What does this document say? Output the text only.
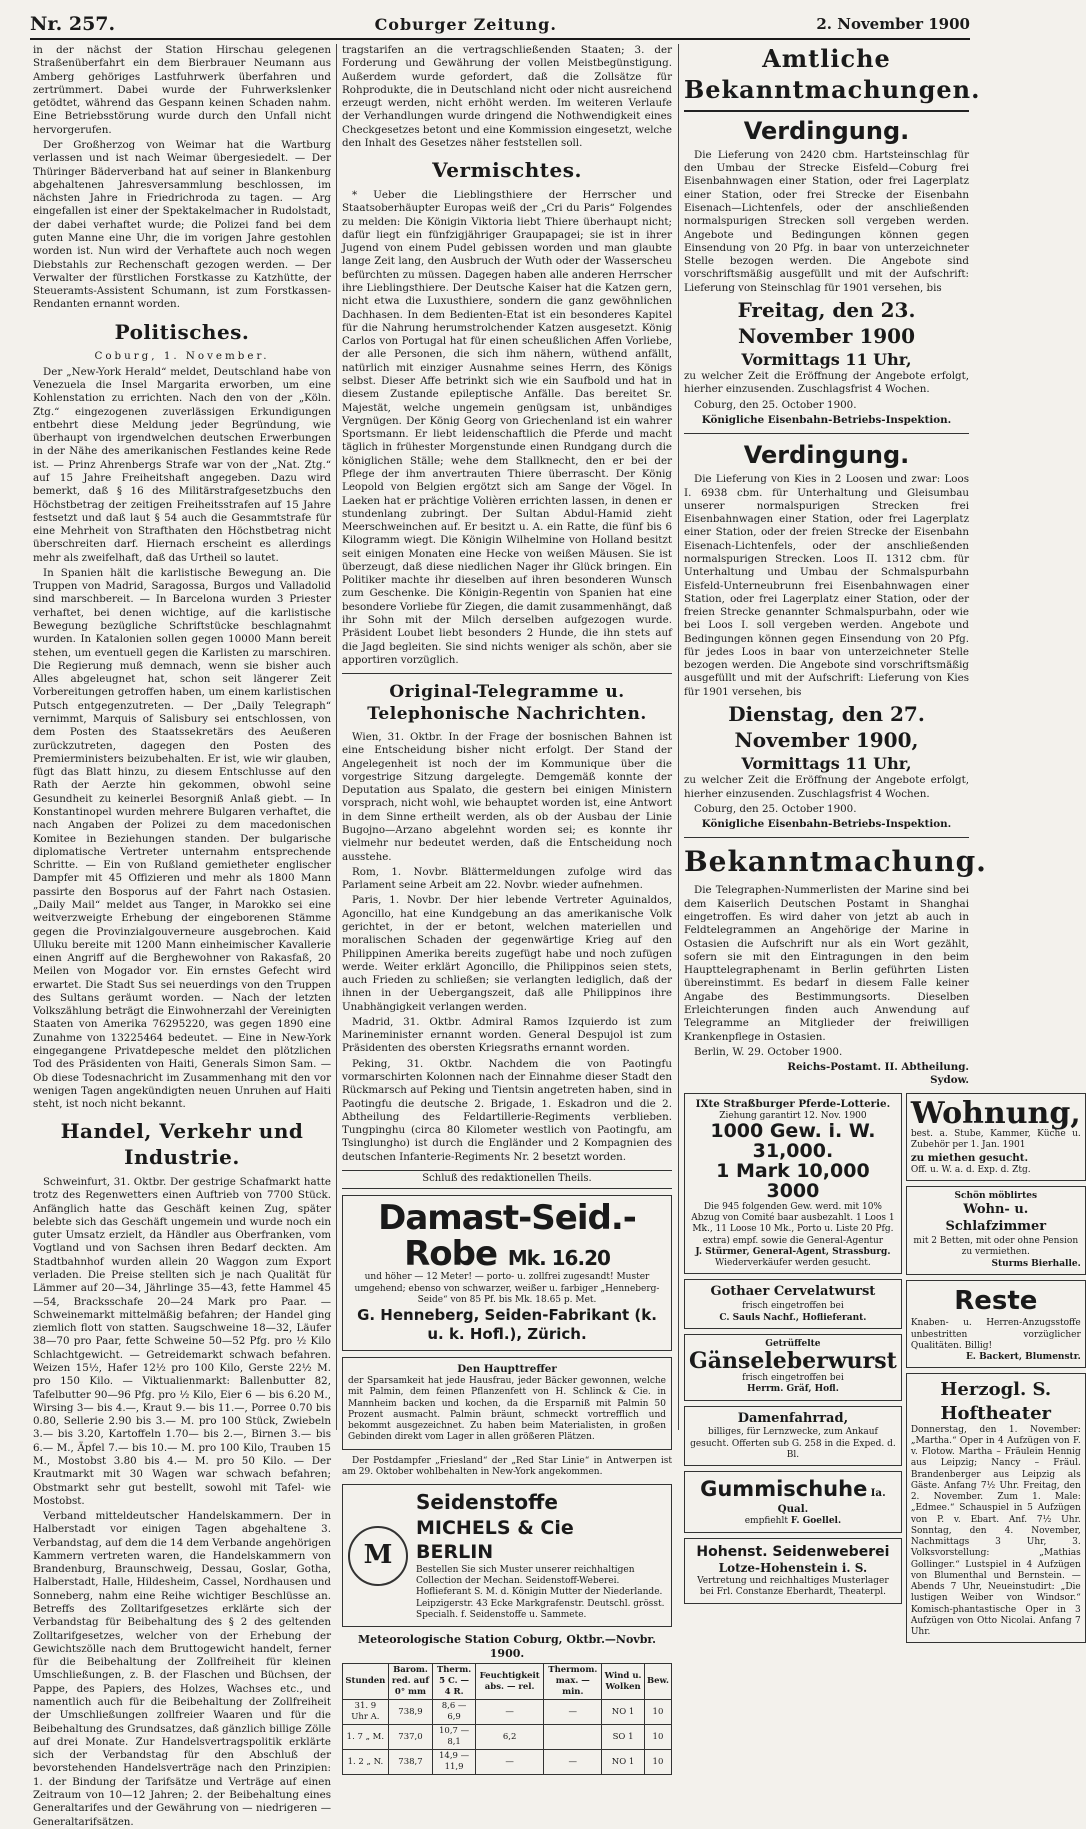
Nr. 257.	Coburger Zeitung.	2. November 1900

in der nächst der Station Hirschau gelegenen Straßenüberfahrt ein dem Bierbrauer Neumann aus Amberg gehöriges Lastfuhrwerk überfahren und zertrümmert. Dabei wurde der Fuhrwerkslenker getödtet, während das Gespann keinen Schaden nahm. Eine Betriebsstörung wurde durch den Unfall nicht hervorgerufen.

Der Großherzog von Weimar hat die Wartburg verlassen und ist nach Weimar übergesiedelt. — Der Thüringer Bäderverband hat auf seiner in Blankenburg abgehaltenen Jahresversammlung beschlossen, im nächsten Jahre in Friedrichroda zu tagen. — Arg eingefallen ist einer der Spektakelmacher in Rudolstadt, der dabei verhaftet wurde; die Polizei fand bei dem guten Manne eine Uhr, die im vorigen Jahre gestohlen worden ist. Nun wird der Verhaftete auch noch wegen Diebstahls zur Rechenschaft gezogen werden. — Der Verwalter der fürstlichen Forstkasse zu Katzhütte, der Steueramts-Assistent Schumann, ist zum Forstkassen-Rendanten ernannt worden.

Politisches.
Coburg, 1. November.

Der „New-York Herald“ meldet, Deutschland habe von Venezuela die Insel Margarita erworben, um eine Kohlenstation zu errichten. Nach den von der „Köln. Ztg.“ eingezogenen zuverlässigen Erkundigungen entbehrt diese Meldung jeder Begründung, wie überhaupt von irgendwelchen deutschen Erwerbungen in der Nähe des amerikanischen Festlandes keine Rede ist. — Prinz Ahrenbergs Strafe war von der „Nat. Ztg.“ auf 15 Jahre Freiheitshaft angegeben. Dazu wird bemerkt, daß § 16 des Militärstrafgesetzbuchs den Höchstbetrag der zeitigen Freiheitsstrafen auf 15 Jahre festsetzt und daß laut § 54 auch die Gesammtstrafe für eine Mehrheit von Strafthaten den Höchstbetrag nicht überschreiten darf. Hiernach erscheint es allerdings mehr als zweifelhaft, daß das Urtheil so lautet.

In Spanien hält die karlistische Bewegung an. Die Truppen von Madrid, Saragossa, Burgos und Valladolid sind marschbereit. — In Barcelona wurden 3 Priester verhaftet, bei denen wichtige, auf die karlistische Bewegung bezügliche Schriftstücke beschlagnahmt wurden. In Katalonien sollen gegen 10000 Mann bereit stehen, um eventuell gegen die Karlisten zu marschiren. Die Regierung muß demnach, wenn sie bisher auch Alles abgeleugnet hat, schon seit längerer Zeit Vorbereitungen getroffen haben, um einem karlistischen Putsch entgegenzutreten. — Der „Daily Telegraph“ vernimmt, Marquis of Salisbury sei entschlossen, von dem Posten des Staatssekretärs des Aeußeren zurückzutreten, dagegen den Posten des Premierministers beizubehalten. Er ist, wie wir glauben, fügt das Blatt hinzu, zu diesem Entschlusse auf den Rath der Aerzte hin gekommen, obwohl seine Gesundheit zu keinerlei Besorgniß Anlaß giebt. — In Konstantinopel wurden mehrere Bulgaren verhaftet, die nach Angaben der Polizei zu dem macedonischen Komitee in Beziehungen standen. Der bulgarische diplomatische Vertreter unternahm entsprechende Schritte. — Ein von Rußland gemietheter englischer Dampfer mit 45 Offizieren und mehr als 1800 Mann passirte den Bosporus auf der Fahrt nach Ostasien. „Daily Mail“ meldet aus Tanger, in Marokko sei eine weitverzweigte Erhebung der eingeborenen Stämme gegen die Provinzialgouverneure ausgebrochen. Kaid Ulluku bereite mit 1200 Mann einheimischer Kavallerie einen Angriff auf die Berghewohner von Rakasfaß, 20 Meilen von Mogador vor. Ein ernstes Gefecht wird erwartet. Die Stadt Sus sei neuerdings von den Truppen des Sultans geräumt worden. — Nach der letzten Volkszählung beträgt die Einwohnerzahl der Vereinigten Staaten von Amerika 76295220, was gegen 1890 eine Zunahme von 13225464 bedeutet. — Eine in New-York eingegangene Privatdepesche meldet den plötzlichen Tod des Präsidenten von Haiti, Generals Simon Sam. — Ob diese Todesnachricht im Zusammenhang mit den vor wenigen Tagen angekündigten neuen Unruhen auf Haiti steht, ist noch nicht bekannt.

Handel, Verkehr und Industrie.

Schweinfurt, 31. Oktbr. Der gestrige Schafmarkt hatte trotz des Regenwetters einen Auftrieb von 7700 Stück. Anfänglich hatte das Geschäft keinen Zug, später belebte sich das Geschäft ungemein und wurde noch ein guter Umsatz erzielt, da Händler aus Oberfranken, vom Vogtland und von Sachsen ihren Bedarf deckten. Am Stadtbahnhof wurden allein 20 Waggon zum Export verladen. Die Preise stellten sich je nach Qualität für Lämmer auf 20—34, Jährlinge 35—43, fette Hammel 45—54, Bracksschafe 20—24 Mark pro Paar. — Schweinemarkt mittelmäßig befahren; der Handel ging ziemlich flott von statten. Saugschweine 18—32, Läufer 38—70 pro Paar, fette Schweine 50—52 Pfg. pro ½ Kilo Schlachtgewicht. — Getreidemarkt schwach befahren. Weizen 15½, Hafer 12½ pro 100 Kilo, Gerste 22½ M. pro 150 Kilo. — Viktualienmarkt: Ballenbutter 82, Tafelbutter 90—96 Pfg. pro ½ Kilo, Eier 6 — bis 6.20 M., Wirsing 3— bis 4.—, Kraut 9.— bis 11.—, Porree 0.70 bis 0.80, Sellerie 2.90 bis 3.— M. pro 100 Stück, Zwiebeln 3.— bis 3.20, Kartoffeln 1.70— bis 2.—, Birnen 3.— bis 6.— M., Äpfel 7.— bis 10.— M. pro 100 Kilo, Trauben 15 M., Mostobst 3.80 bis 4.— M. pro 50 Kilo. — Der Krautmarkt mit 30 Wagen war schwach befahren; Obstmarkt sehr gut bestellt, sowohl mit Tafel- wie Mostobst.

Verband mitteldeutscher Handelskammern. Der in Halberstadt vor einigen Tagen abgehaltene 3. Verbandstag, auf dem die 14 dem Verbande angehörigen Kammern vertreten waren, die Handelskammern von Brandenburg, Braunschweig, Dessau, Goslar, Gotha, Halberstadt, Halle, Hildesheim, Cassel, Nordhausen und Sonneberg, nahm eine Reihe wichtiger Beschlüsse an. Betreffs des Zolltarifgesetzes erklärte sich der Verbandstag für Beibehaltung des § 2 des geltenden Zolltarifgesetzes, welcher von der Erhebung der Gewichtszölle nach dem Bruttogewicht handelt, ferner für die Beibehaltung der Zollfreiheit für kleinen Umschließungen, z. B. der Flaschen und Büchsen, der Pappe, des Papiers, des Holzes, Wachses etc., und namentlich auch für die Beibehaltung der Zollfreiheit der Umschließungen zollfreier Waaren und für die Beibehaltung des Grundsatzes, daß gänzlich billige Zölle auf drei Monate. Zur Handelsvertragspolitik erklärte sich der Verbandstag für den Abschluß der bevorstehenden Handelsverträge nach den Prinzipien: 1. der Bindung der Tarifsätze und Verträge auf einen Zeitraum von 10—12 Jahren; 2. der Beibehaltung eines Generaltarifes und der Gewährung von — niedrigeren — Generaltarifsätzen.

tragstarifen an die vertragschließenden Staaten; 3. der Forderung und Gewährung der vollen Meistbegünstigung. Außerdem wurde gefordert, daß die Zollsätze für Rohprodukte, die in Deutschland nicht oder nicht ausreichend erzeugt werden, nicht erhöht werden. Im weiteren Verlaufe der Verhandlungen wurde dringend die Nothwendigkeit eines Checkgesetzes betont und eine Kommission eingesetzt, welche den Inhalt des Gesetzes näher feststellen soll.

Vermischtes.

* Ueber die Lieblingsthiere der Herrscher und Staatsoberhäupter Europas weiß der „Cri du Paris“ Folgendes zu melden: Die Königin Viktoria liebt Thiere überhaupt nicht; dafür liegt ein fünfzigjähriger Graupapagei; sie ist in ihrer Jugend von einem Pudel gebissen worden und man glaubte lange Zeit lang, den Ausbruch der Wuth oder der Wasserscheu befürchten zu müssen. Dagegen haben alle anderen Herrscher ihre Lieblingsthiere. Der Deutsche Kaiser hat die Katzen gern, nicht etwa die Luxusthiere, sondern die ganz gewöhnlichen Dachhasen. In dem Bedienten-Etat ist ein besonderes Kapitel für die Nahrung herumstrolchender Katzen ausgesetzt. König Carlos von Portugal hat für einen scheußlichen Affen Vorliebe, der alle Personen, die sich ihm nähern, wüthend anfällt, natürlich mit einziger Ausnahme seines Herrn, des Königs selbst. Dieser Affe betrinkt sich wie ein Saufbold und hat in diesem Zustande epileptische Anfälle. Das bereitet Sr. Majestät, welche ungemein genügsam ist, unbändiges Vergnügen. Der König Georg von Griechenland ist ein wahrer Sportsmann. Er liebt leidenschaftlich die Pferde und macht täglich in frühester Morgenstunde einen Rundgang durch die königlichen Ställe; wehe dem Stallknecht, den er bei der Pflege der ihm anvertrauten Thiere überrascht. Der König Leopold von Belgien ergötzt sich am Sange der Vögel. In Laeken hat er prächtige Volièren errichten lassen, in denen er stundenlang zubringt. Der Sultan Abdul-Hamid zieht Meerschweinchen auf. Er besitzt u. A. ein Ratte, die fünf bis 6 Kilogramm wiegt. Die Königin Wilhelmine von Holland besitzt seit einigen Monaten eine Hecke von weißen Mäusen. Sie ist überzeugt, daß diese niedlichen Nager ihr Glück bringen. Ein Politiker machte ihr dieselben auf ihren besonderen Wunsch zum Geschenke. Die Königin-Regentin von Spanien hat eine besondere Vorliebe für Ziegen, die damit zusammenhängt, daß ihr Sohn mit der Milch derselben aufgezogen wurde. Präsident Loubet liebt besonders 2 Hunde, die ihn stets auf die Jagd begleiten. Sie sind nichts weniger als schön, aber sie apportiren vorzüglich.

Original-Telegramme u. Telephonische Nachrichten.

Wien, 31. Oktbr. In der Frage der bosnischen Bahnen ist eine Entscheidung bisher nicht erfolgt. Der Stand der Angelegenheit ist noch der im Kommunique über die vorgestrige Sitzung dargelegte. Demgemäß konnte der Deputation aus Spalato, die gestern bei einigen Ministern vorsprach, nicht wohl, wie behauptet worden ist, eine Antwort in dem Sinne ertheilt werden, als ob der Ausbau der Linie Bugojno—Arzano abgelehnt worden sei; es konnte ihr vielmehr nur bedeutet werden, daß die Entscheidung noch ausstehe.

Rom, 1. Novbr. Blättermeldungen zufolge wird das Parlament seine Arbeit am 22. Novbr. wieder aufnehmen.

Paris, 1. Novbr. Der hier lebende Vertreter Aguinaldos, Agoncillo, hat eine Kundgebung an das amerikanische Volk gerichtet, in der er betont, welchen materiellen und moralischen Schaden der gegenwärtige Krieg auf den Philippinen Amerika bereits zugefügt habe und noch zufügen werde. Weiter erklärt Agoncillo, die Philippinos seien stets, auch Frieden zu schließen; sie verlangten lediglich, daß der ihnen in der Uebergangszeit, daß alle Philippinos ihre Unabhängigkeit verlangen werden.

Madrid, 31. Oktbr. Admiral Ramos Izquierdo ist zum Marineminister ernannt worden. General Despujol ist zum Präsidenten des obersten Kriegsraths ernannt worden.

Peking, 31. Oktbr. Nachdem die von Paotingfu vormarschirten Kolonnen nach der Einnahme dieser Stadt den Rückmarsch auf Peking und Tientsin angetreten haben, sind in Paotingfu die deutsche 2. Brigade, 1. Eskadron und die 2. Abtheilung des Feldartillerie-Regiments verblieben. Tungpinghu (circa 80 Kilometer westlich von Paotingfu, am Tsinglungho) ist durch die Engländer und 2 Kompagnien des deutschen Infanterie-Regiments Nr. 2 besetzt worden.

Schluß des redaktionellen Theils.
Damast-Seid.-Robe Mk. 16.20
und höher — 12 Meter! — porto- u. zollfrei zugesandt! Muster umgehend; ebenso von schwarzer, weißer u. farbiger „Henneberg-Seide“ von 85 Pf. bis Mk. 18.65 p. Met.
G. Henneberg, Seiden-Fabrikant (k. u. k. Hofl.), Zürich.
Den Haupttreffer
der Sparsamkeit hat jede Hausfrau, jeder Bäcker gewonnen, welche mit Palmin, dem feinen Pflanzenfett von H. Schlinck & Cie. in Mannheim backen und kochen, da die Ersparniß mit Palmin 50 Prozent ausmacht. Palmin bräunt, schmeckt vortrefflich und bekommt ausgezeichnet. Zu haben beim Materialisten, in großen Gebinden direkt vom Lager in allen größeren Plätzen.

Der Postdampfer „Friesland“ der „Red Star Linie“ in Antwerpen ist am 29. Oktober wohlbehalten in New-York angekommen.

M
Seidenstoffe
MICHELS & Cie
BERLIN
Bestellen Sie sich Muster unserer reichhaltigen Collection der Mechan. Seidenstoff-Weberei. Hoflieferant S. M. d. Königin Mutter der Niederlande. Leipzigerstr. 43 Ecke Markgrafenstr. Deutschl. grösst. Specialh. f. Seidenstoffe u. Sammete.
Meteorologische Station Coburg, Oktbr.—Novbr. 1900.
Stunden	Barom. red. auf 0° mm	Therm. 5 C. — 4 R.	Feuchtigkeit abs. — rel.	Thermom. max. — min.	Wind u. Wolken	Bew.
31. 9 Uhr A.	738,9	8,6 — 6,9	—	—	NO 1	10
1. 7 „ M.	737,0	10,7 — 8,1	6,2		SO 1	10
1. 2 „ N.	738,7	14,9 — 11,9	—	—	NO 1	10
Amtliche Bekanntmachungen.
Verdingung.

Die Lieferung von 2420 cbm. Hartsteinschlag für den Umbau der Strecke Eisfeld—Coburg frei Eisenbahnwagen einer Station, oder frei Lagerplatz einer Station, oder frei Strecke der Eisenbahn Eisenach—Lichtenfels, oder der anschließenden normalspurigen Strecken soll vergeben werden. Angebote und Bedingungen können gegen Einsendung von 20 Pfg. in baar von unterzeichneter Stelle bezogen werden. Die Angebote sind vorschriftsmäßig ausgefüllt und mit der Aufschrift: Lieferung von Steinschlag für 1901 versehen, bis

Freitag, den 23. November 1900
Vormittags 11 Uhr,

zu welcher Zeit die Eröffnung der Angebote erfolgt, hierher einzusenden. Zuschlagsfrist 4 Wochen.

Coburg, den 25. October 1900.

Königliche Eisenbahn-Betriebs-Inspektion.
Verdingung.

Die Lieferung von Kies in 2 Loosen und zwar: Loos I. 6938 cbm. für Unterhaltung und Gleisumbau unserer normalspurigen Strecken frei Eisenbahnwagen einer Station, oder frei Lagerplatz einer Station, oder der freien Strecke der Eisenbahn Eisenach-Lichtenfels, oder der anschließenden normalspurigen Strecken. Loos II. 1312 cbm. für Unterhaltung und Umbau der Schmalspurbahn Eisfeld-Unterneubrunn frei Eisenbahnwagen einer Station, oder frei Lagerplatz einer Station, oder der freien Strecke genannter Schmalspurbahn, oder wie bei Loos I. soll vergeben werden. Angebote und Bedingungen können gegen Einsendung von 20 Pfg. für jedes Loos in baar von unterzeichneter Stelle bezogen werden. Die Angebote sind vorschriftsmäßig ausgefüllt und mit der Aufschrift: Lieferung von Kies für 1901 versehen, bis

Dienstag, den 27. November 1900,
Vormittags 11 Uhr,

zu welcher Zeit die Eröffnung der Angebote erfolgt, hierher einzusenden. Zuschlagsfrist 4 Wochen.

Coburg, den 25. October 1900.

Königliche Eisenbahn-Betriebs-Inspektion.
Bekanntmachung.

Die Telegraphen-Nummerlisten der Marine sind bei dem Kaiserlich Deutschen Postamt in Shanghai eingetroffen. Es wird daher von jetzt ab auch in Feldtelegrammen an Angehörige der Marine in Ostasien die Aufschrift nur als ein Wort gezählt, sofern sie mit den Eintragungen in den beim Haupttelegraphenamt in Berlin geführten Listen übereinstimmt. Es bedarf in diesem Falle keiner Angabe des Bestimmungsorts. Dieselben Erleichterungen finden auch Anwendung auf Telegramme an Mitglieder der freiwilligen Krankenpflege in Ostasien.

Berlin, W. 29. October 1900.

Reichs-Postamt. II. Abtheilung.
Sydow.
IXte Straßburger Pferde-Lotterie.
Ziehung garantirt 12. Nov. 1900
1000 Gew. i. W. 31,000.
1 Mark 10,000 3000
Die 945 folgenden Gew. werd. mit 10% Abzug von Comité baar ausbezahlt. 1 Loos 1 Mk., 11 Loose 10 Mk., Porto u. Liste 20 Pfg. extra) empf. sowie die General-Agentur
J. Stürmer, General-Agent, Strassburg.
Wiederverkäufer werden gesucht.
Gothaer Cervelatwurst
frisch eingetroffen bei
C. Sauls Nachf., Hoflieferant.
Getrüffelte
Gänseleberwurst
frisch eingetroffen bei
Herrm. Gräf, Hofl.
Damenfahrrad,
billiges, für Lernzwecke, zum Ankauf gesucht. Offerten sub G. 258 in die Exped. d. Bl.
Gummischuhe Ia. Qual.
empfiehlt F. Goellel.
Hohenst. Seidenweberei
Lotze-Hohenstein i. S.
Vertretung und reichhaltiges Musterlager bei Frl. Constanze Eberhardt, Theaterpl.
Wohnung,
best. a. Stube, Kammer, Küche u. Zubehör per 1. Jan. 1901
zu miethen gesucht.
Off. u. W. a. d. Exp. d. Ztg.
Schön möblirtes
Wohn- u. Schlafzimmer
mit 2 Betten, mit oder ohne Pension zu vermiethen.
Sturms Bierhalle.
Reste
Knaben- u. Herren-Anzugsstoffe unbestritten vorzüglicher Qualitäten. Billig!
E. Backert, Blumenstr.
Herzogl. S. Hoftheater
Donnerstag, den 1. November: „Martha.“ Oper in 4 Aufzügen von F. v. Flotow. Martha – Fräulein Hennig aus Leipzig; Nancy – Fräul. Brandenberger aus Leipzig als Gäste. Anfang 7½ Uhr. Freitag, den 2. November. Zum 1. Male: „Edmee.“ Schauspiel in 5 Aufzügen von P. v. Ebart. Anf. 7½ Uhr. Sonntag, den 4. November, Nachmittags 3 Uhr, 3. Volksvorstellung: „Mathias Gollinger.“ Lustspiel in 4 Aufzügen von Blumenthal und Bernstein. — Abends 7 Uhr, Neueinstudirt: „Die lustigen Weiber von Windsor.“ Komisch-phantastische Oper in 3 Aufzügen von Otto Nicolai. Anfang 7 Uhr.
